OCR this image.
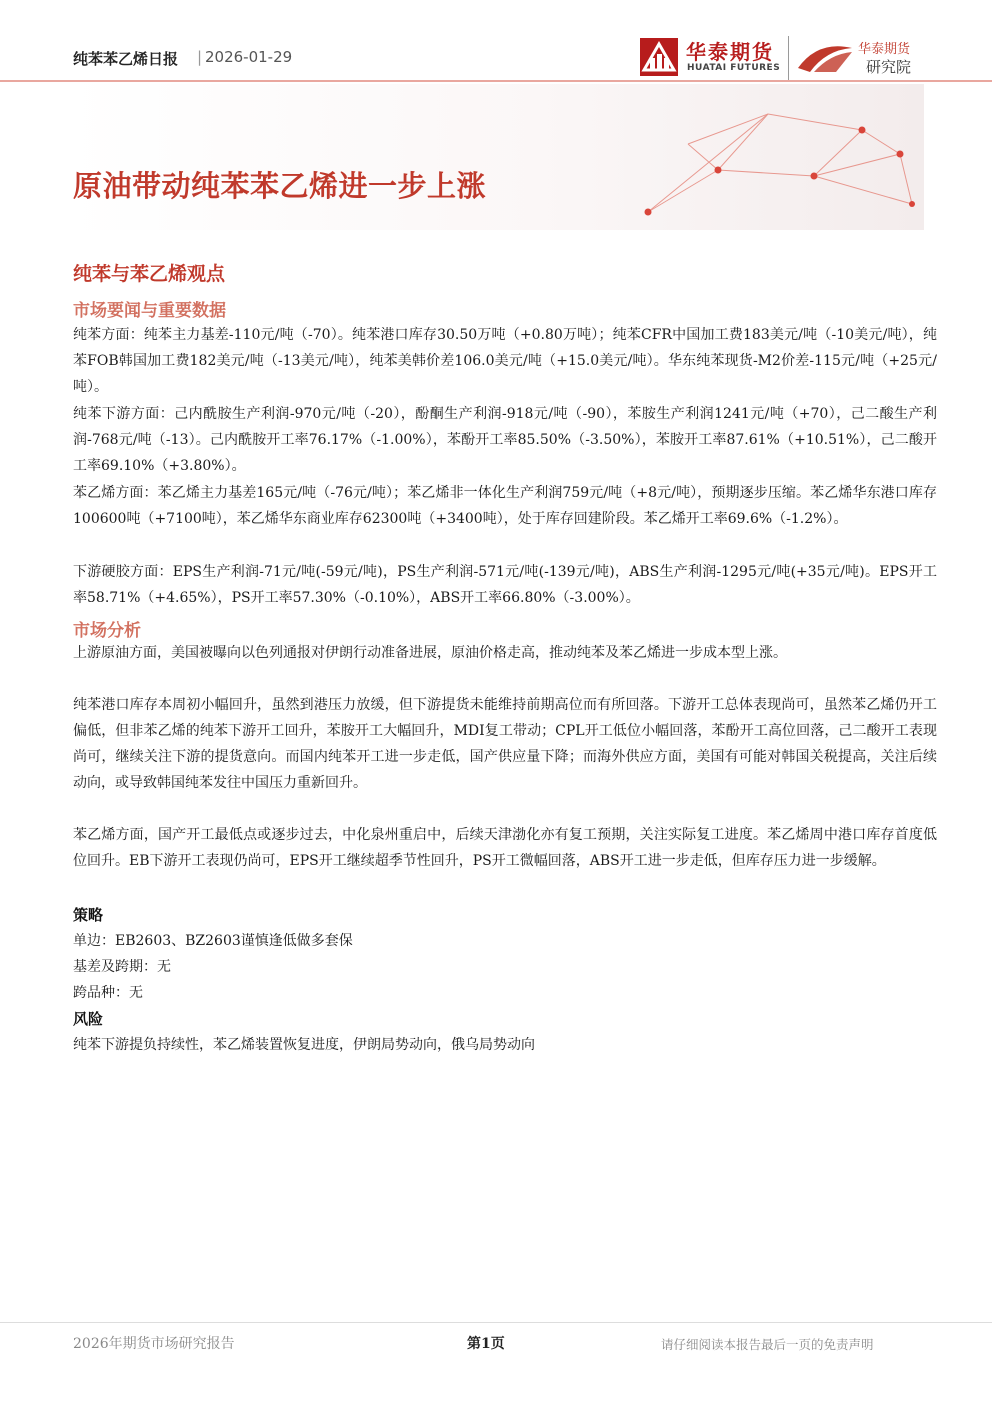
纯苯苯乙烯日报 | 2026-01-29	华泰期货
HUATAI FUTURES
华泰期货
研究院
原油带动纯苯苯乙烯进一步上涨
纯苯与苯乙烯观点
市场要闻与重要数据

纯苯方面：纯苯主力基差-110元/吨（-70）。纯苯港口库存30.50万吨（+0.80万吨）；纯苯CFR中国加工费183美元/吨（-10美元/吨），纯苯FOB韩国加工费182美元/吨（-13美元/吨），纯苯美韩价差106.0美元/吨（+15.0美元/吨）。华东纯苯现货-M2价差-115元/吨（+25元/吨）。

纯苯下游方面：己内酰胺生产利润-970元/吨（-20），酚酮生产利润-918元/吨（-90），苯胺生产利润1241元/吨（+70），己二酸生产利润-768元/吨（-13）。己内酰胺开工率76.17%（-1.00%），苯酚开工率85.50%（-3.50%），苯胺开工率87.61%（+10.51%），己二酸开工率69.10%（+3.80%）。

苯乙烯方面：苯乙烯主力基差165元/吨（-76元/吨）；苯乙烯非一体化生产利润759元/吨（+8元/吨），预期逐步压缩。苯乙烯华东港口库存100600吨（+7100吨），苯乙烯华东商业库存62300吨（+3400吨），处于库存回建阶段。苯乙烯开工率69.6%（-1.2%）。

下游硬胶方面：EPS生产利润-71元/吨(-59元/吨)，PS生产利润-571元/吨(-139元/吨)，ABS生产利润-1295元/吨(+35元/吨)。EPS开工率58.71%（+4.65%），PS开工率57.30%（-0.10%），ABS开工率66.80%（-3.00%）。

市场分析

上游原油方面，美国被曝向以色列通报对伊朗行动准备进展，原油价格走高，推动纯苯及苯乙烯进一步成本型上涨。

纯苯港口库存本周初小幅回升，虽然到港压力放缓，但下游提货未能维持前期高位而有所回落。下游开工总体表现尚可，虽然苯乙烯仍开工偏低，但非苯乙烯的纯苯下游开工回升，苯胺开工大幅回升，MDI复工带动；CPL开工低位小幅回落，苯酚开工高位回落，己二酸开工表现尚可，继续关注下游的提货意向。而国内纯苯开工进一步走低，国产供应量下降；而海外供应方面，美国有可能对韩国关税提高，关注后续动向，或导致韩国纯苯发往中国压力重新回升。

苯乙烯方面，国产开工最低点或逐步过去，中化泉州重启中，后续天津渤化亦有复工预期，关注实际复工进度。苯乙烯周中港口库存首度低位回升。EB下游开工表现仍尚可，EPS开工继续超季节性回升，PS开工微幅回落，ABS开工进一步走低，但库存压力进一步缓解。

策略
单边：EB2603、BZ2603谨慎逢低做多套保
基差及跨期：无
跨品种：无
风险
纯苯下游提负持续性，苯乙烯装置恢复进度，伊朗局势动向，俄乌局势动向
2026年期货市场研究报告	第1页	请仔细阅读本报告最后一页的免责声明
